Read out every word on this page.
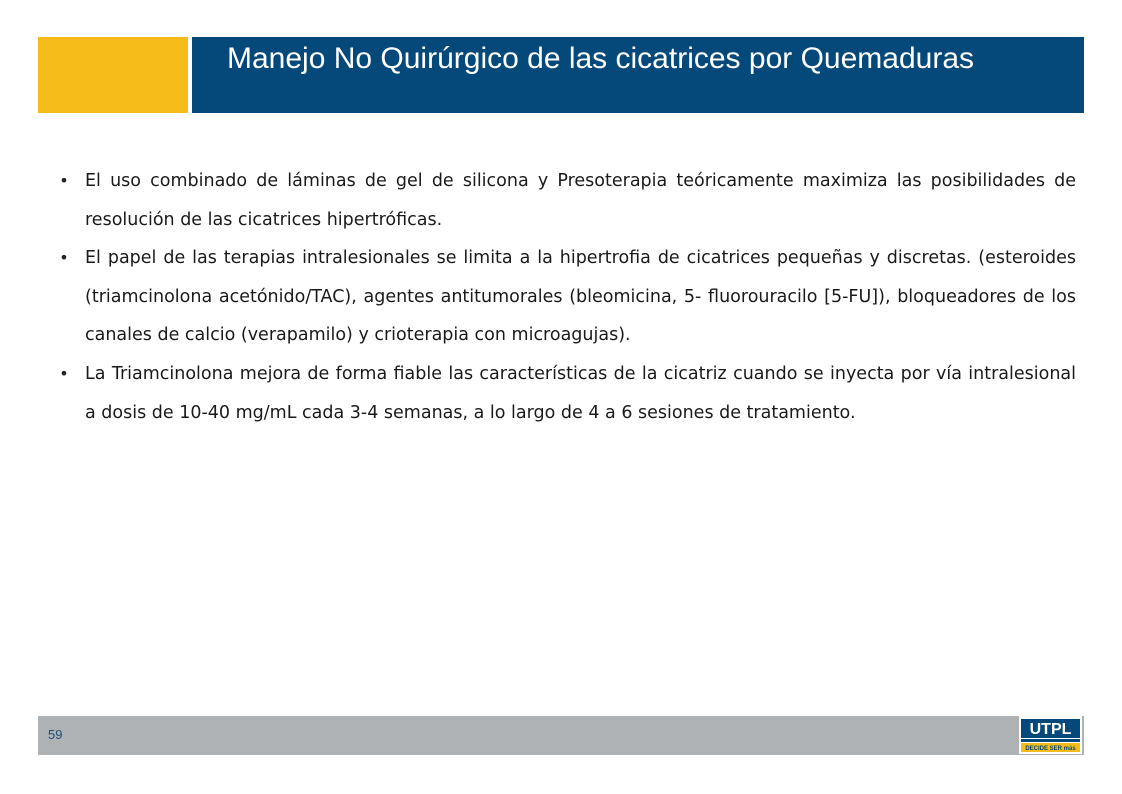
Manejo No Quirúrgico de las cicatrices por Quemaduras
• El uso combinado de láminas de gel de silicona y Presoterapia teóricamente maximiza las posibilidades de resolución de las cicatrices hipertróficas.
• El papel de las terapias intralesionales se limita a la hipertrofia de cicatrices pequeñas y discretas. (esteroides (triamcinolona acetónido/TAC), agentes antitumorales (bleomicina, 5- fluorouracilo [5-FU]), bloqueadores de los canales de calcio (verapamilo) y crioterapia con microagujas).
• La Triamcinolona mejora de forma fiable las características de la cicatriz cuando se inyecta por vía intralesional a dosis de 10-40 mg/mL cada 3-4 semanas, a lo largo de 4 a 6 sesiones de tratamiento.
59	UTPL
DECIDE SER más
